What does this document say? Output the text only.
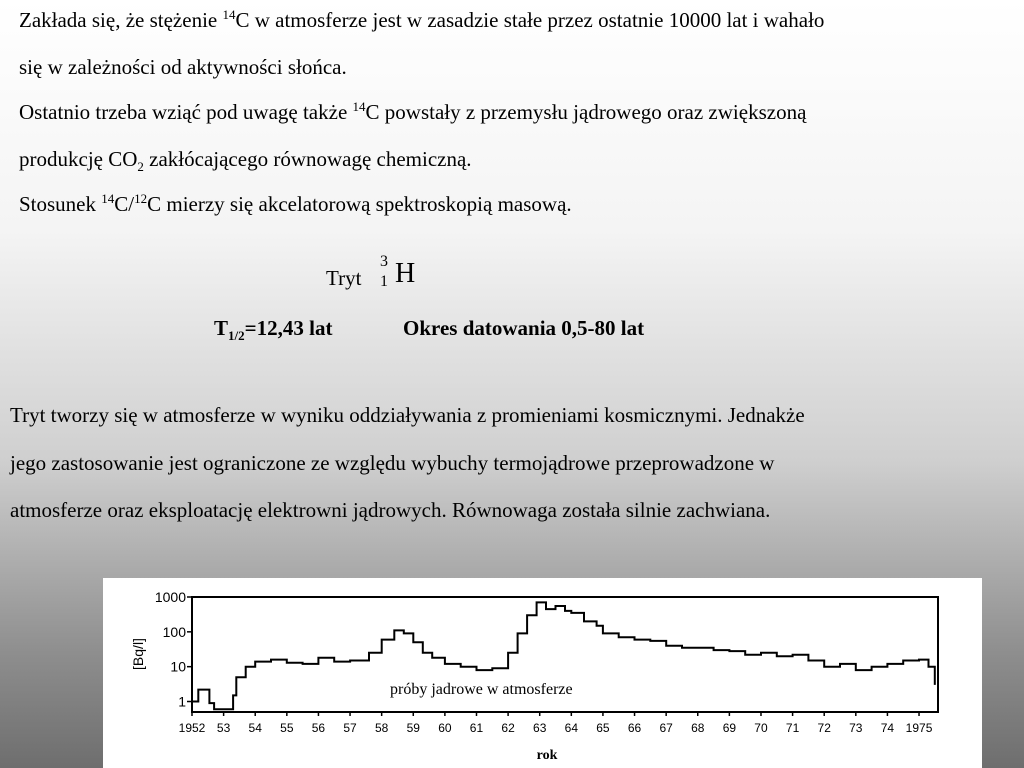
Zakłada się, że stężenie $^{14}$C w atmosferze jest w zasadzie stałe przez ostatnie 10000 lat i wahało
się w zależności od aktywności słońca.
Ostatnio trzeba wziąć pod uwagę także $^{14}$C powstały z przemysłu jądrowego oraz zwiększoną
produkcję $CO_2$ zakłócającego równowagę chemiczną.
Stosunek $^{14}$C/$^{12}$C mierzy się akcelatorową spektroskopią masową.
Tryt
3
1 H
$T_{1/2}=12,43$ lat	Okres datowania 0,5-80 lat
Tryt tworzy się w atmosferze w wyniku oddziaływania z promieniami kosmicznymi. Jednakże
jego zastosowanie jest ograniczone ze względu wybuchy termojądrowe przeprowadzone w
atmosferze oraz eksploatację elektrowni jądrowych. Równowaga została silnie zachwiana.
1000
100
10
1
1952 53 54 55 56 57 58 59 60 61 62 63 64 65 66 67 68 69 70 71 72 73 74 1975
próby jadrowe w atmosferze
[Bq/l]
rok
